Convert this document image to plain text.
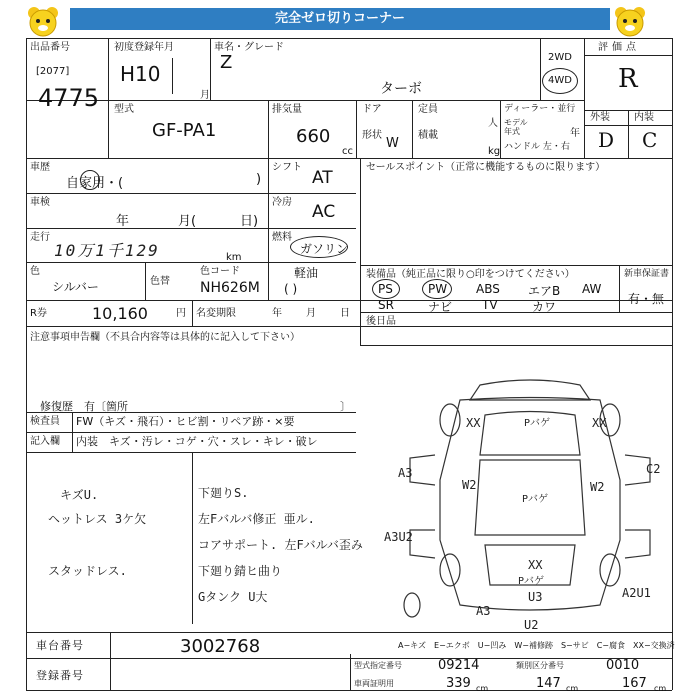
完全ゼロ切りコーナー
出品番号
[2077]
4775
初度登録年月
H10
月
車名・グレード
Z
ターボ
2WD
4WD
評価点
R
型式
GF-PA1
排気量
660
cc
ドア
形状
W
定員
人
積載
kg
ディーラー・並行
モデル
年式	年
ハンドル 左・右
外装 内装
D C
車歴
自家用・(	)
シフト
AT
車検
年	月(	日)
冷房 AC
走行
10万1千129	km
燃料
ガソリン
軽油
( )
色
シルバー	色替
色コード
NH626M
R券	10,160	円 名変期限	年 月 日
セールスポイント（正常に機能するものに限ります）
装備品（純正品に限り○印をつけてください）	新車保証書
有・無
PS	PW ABS エアB AW
SR	ナビ TV	カワ
後日品
注意事項申告欄（不具合内容等は具体的に記入して下さい）
修復歴　有〔箇所	〕
検査員 FW（キズ・飛石）・ヒビ割・リペア跡・×要
記入欄 内装　キズ・汚レ・コゲ・穴・スレ・キレ・破レ
キズU.
ヘットレス 3ケ欠
スタッドレス.
下廻りS.
左Fバルバ修正 亜ル.
コアサポート. 左Fバルバ歪み
下廻り錆ヒ曲り
Gタンク U大
XX	Pバゲ	XX
A3
W2
C2
W2
Pバゲ
A3U2
XX
Pバゲ
U3
A3
U2
A2U1
車台番号	3002768
登録番号
A−キズ　E−エクボ　U−凹み　W−補修跡　S−サビ　C−腐食　XX−交換済
型式指定番号	09214	類別区分番号	0010
車両証明用	339 cm	147 cm	167 cm
